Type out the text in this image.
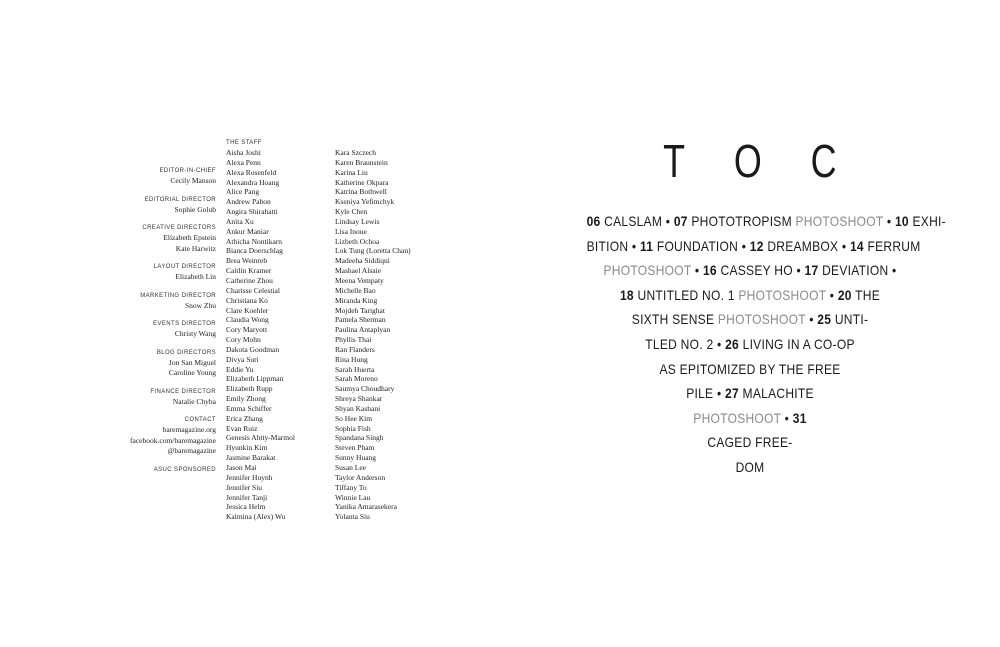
EDITOR-IN-CHIEF
Cecily Manson
EDITORIAL DIRECTOR
Sophie Golub
CREATIVE DIRECTORS
Elizabeth Epstein
Kate Harwitz
LAYOUT DIRECTOR
Elizabeth Lin
MARKETING DIRECTOR
Snow Zhu
EVENTS DIRECTOR
Christy Wang
BLOG DIRECTORS
Jon San Miguel
Caroline Young
FINANCE DIRECTOR
Natalie Chyba
CONTACT
baremagazine.org
facebook.com/baremagazine
@baremagazine
ASUC SPONSORED
THE STAFF
Aisha Joshi
Alexa Penn
Alexa Rosenfeld
Alexandra Hoang
Alice Pang
Andrew Pabon
Angira Shirahatti
Anita Xu
Ankur Maniar
Athicha Nontikarn
Bianca Doerschlag
Brea Weinreb
Caitlin Kramer
Catherine Zhou
Charisse Celestial
Christiana Ko
Clare Koehler
Claudia Wong
Cory Maryott
Cory Mohn
Dakota Goodman
Divya Suri
Eddie Yu
Elizabeth Lippman
Elizabeth Rupp
Emily Zhong
Emma Schiffer
Erica Zhang
Evan Ruiz
Genesis Ahtty-Marmol
Hyunkin Kim
Jasmine Barakat
Jason Mai
Jennifer Huynh
Jennifer Siu
Jennifer Tanji
Jessica Helm
Kalmina (Alex) Wu
Kara Szczech
Karen Braunstein
Karina Liu
Katherine Okpara
Katrina Bothwell
Kseniya Yefimchyk
Kyle Chen
Lindsay Lewis
Lisa Inoue
Lizbeth Ochoa
Lok Tung (Loretta Chan)
Madeeha Siddiqui
Mashael Alsaie
Meena Vempaty
Michelle Bao
Miranda King
Mojdeh Tarighat
Pamela Sherman
Paulina Antaplyan
Phyllis Thai
Ran Flanders
Rina Hung
Sarah Huerta
Sarah Moreno
Saumya Choudhary
Shreya Shankar
Shyan Kashani
So Hee Kim
Sophia Fish
Spandana Singh
Steven Pham
Sunny Huang
Susan Lee
Taylor Anderson
Tiffany To
Winnie Lau
Yanika Amarasekera
Yolanta Siu
T O C
06 CALSLAM • 07 PHOTOTROPISM PHOTOSHOOT • 10 EXHI-
BITION • 11 FOUNDATION • 12 DREAMBOX • 14 FERRUM
PHOTOSHOOT • 16 CASSEY HO • 17 DEVIATION •
18 UNTITLED NO. 1 PHOTOSHOOT • 20 THE
SIXTH SENSE PHOTOSHOOT • 25 UNTI-
TLED NO. 2 • 26 LIVING IN A CO-OP
AS EPITOMIZED BY THE FREE
PILE • 27 MALACHITE
PHOTOSHOOT • 31
CAGED FREE-
DOM
